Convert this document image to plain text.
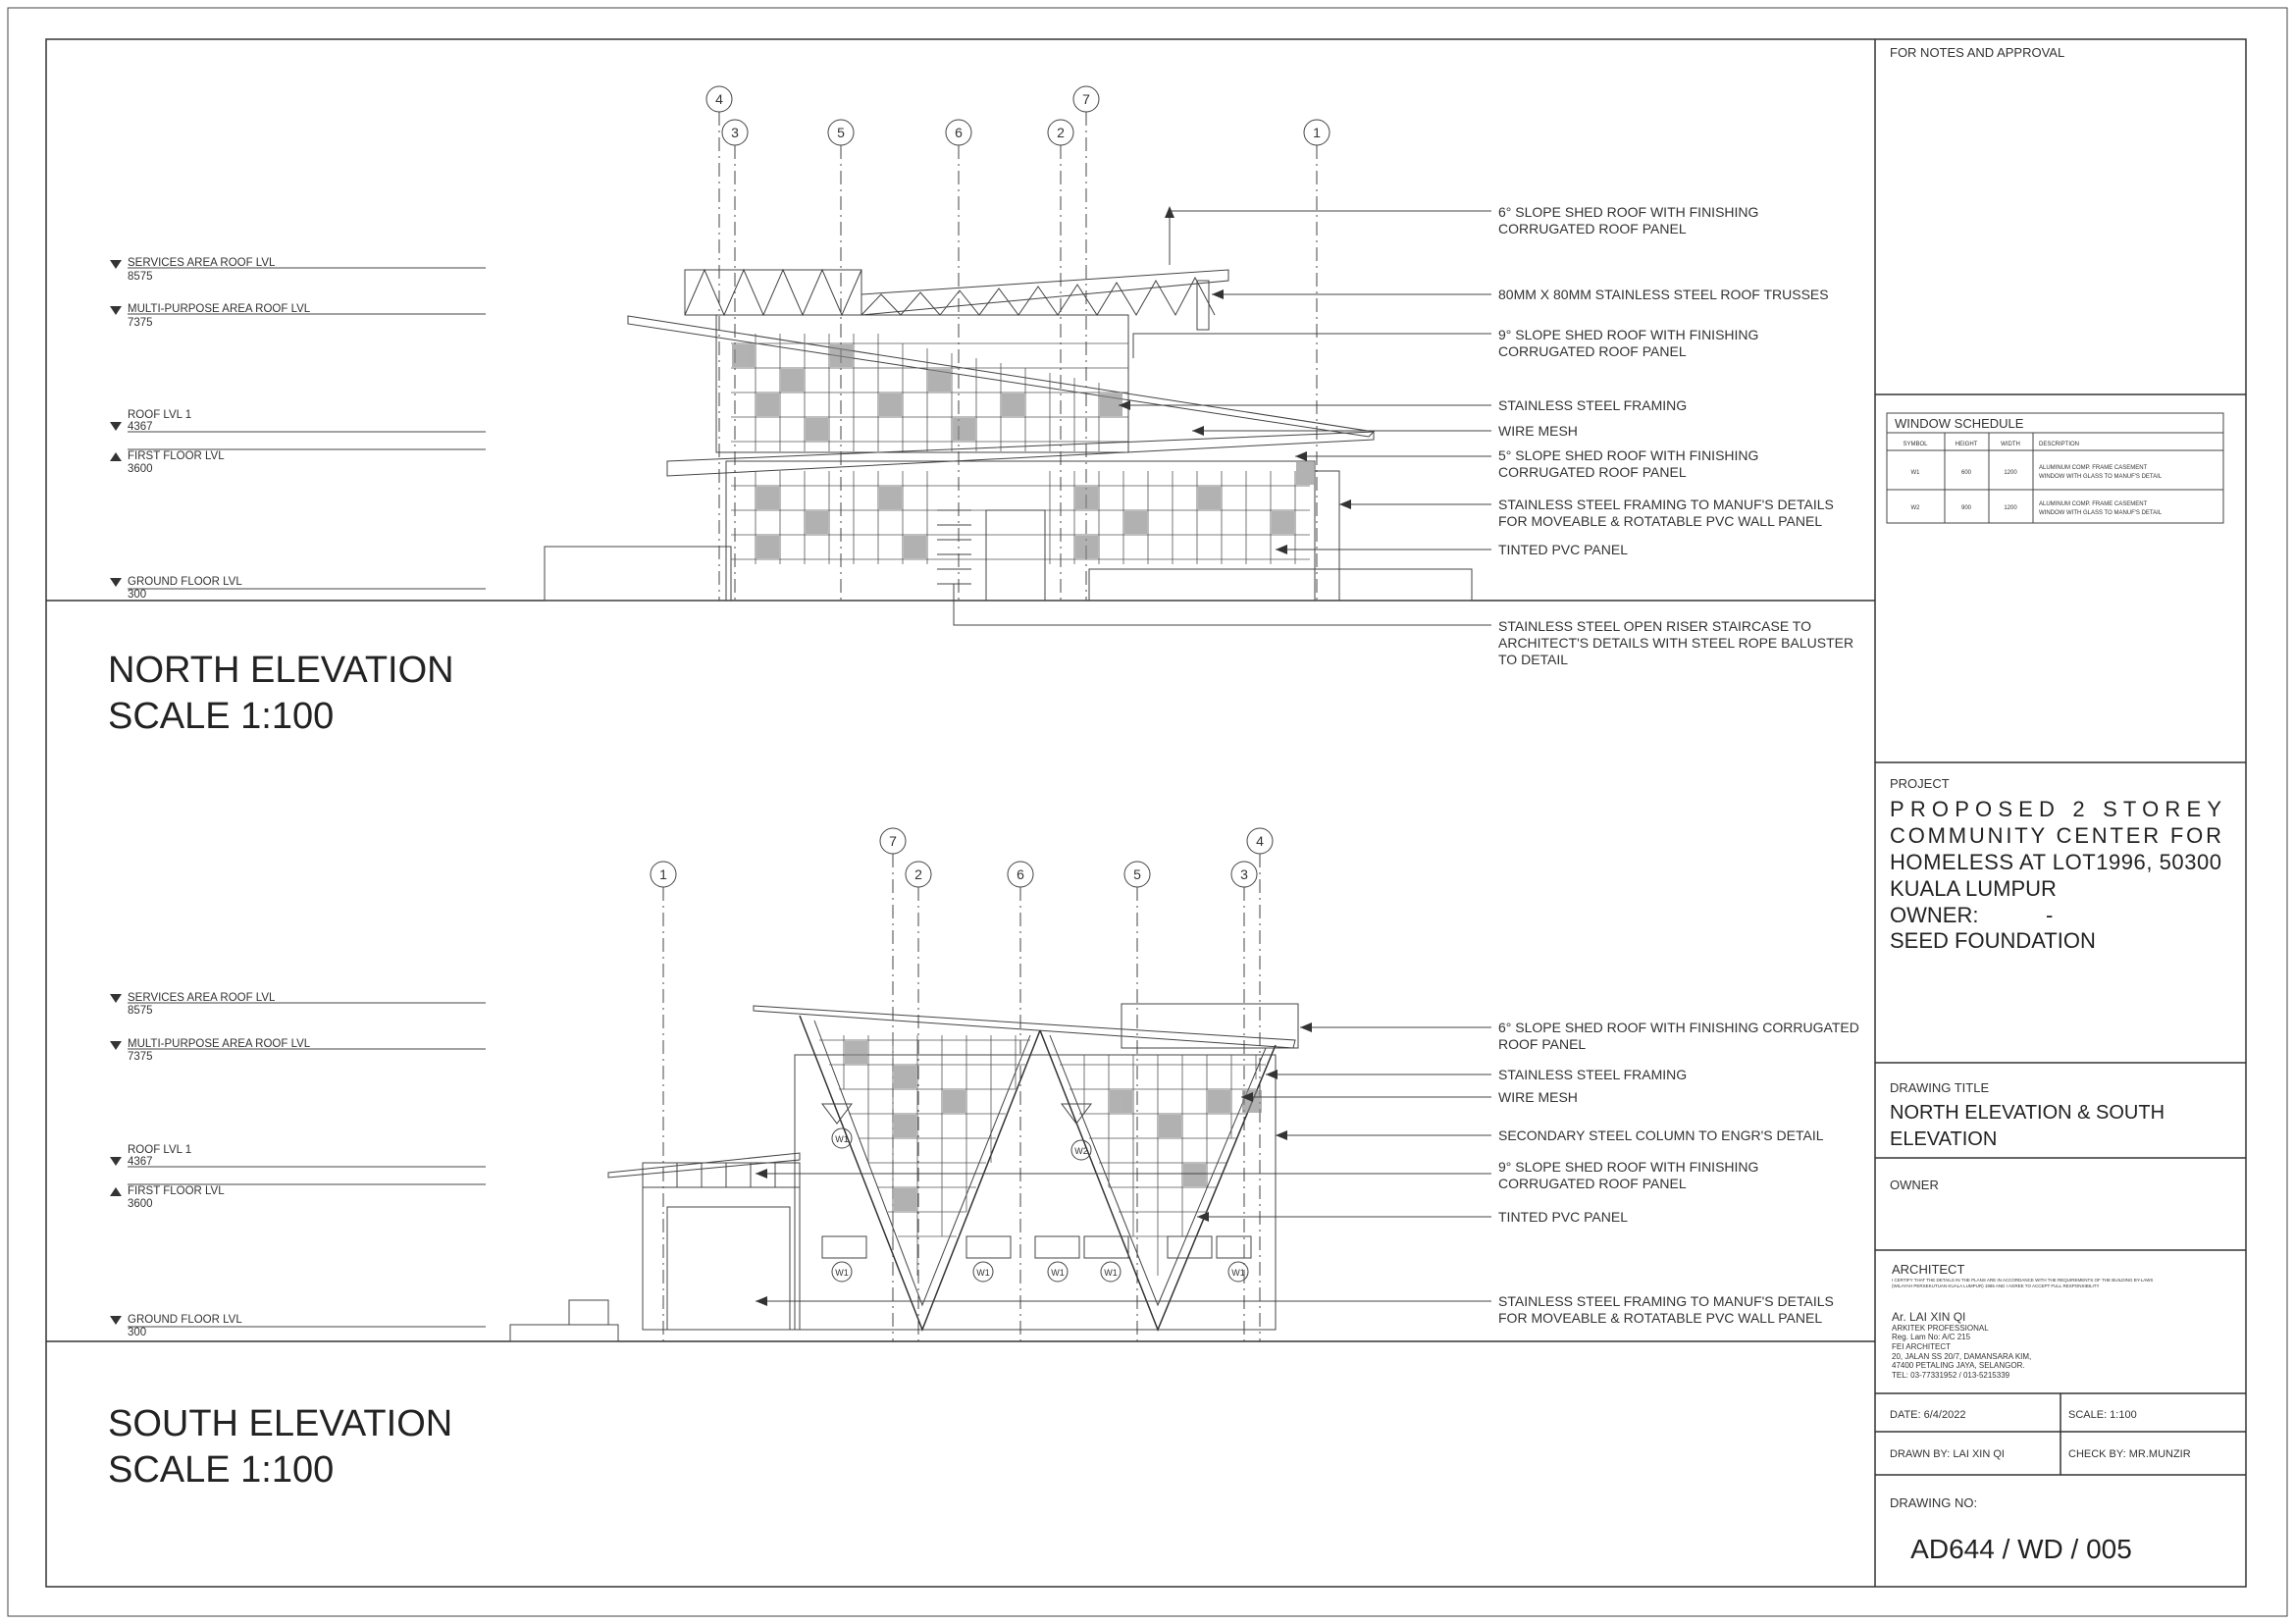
NORTH ELEVATION
SCALE 1:100
SOUTH ELEVATION
SCALE 1:100
SERVICES AREA ROOF LVL
8575
MULTI-PURPOSE AREA ROOF LVL
7375
ROOF LVL 1
4367
FIRST FLOOR LVL
3600
GROUND FLOOR LVL
300
SERVICES AREA ROOF LVL
8575
MULTI-PURPOSE AREA ROOF LVL
7375
ROOF LVL 1
4367
FIRST FLOOR LVL
3600
GROUND FLOOR LVL
300
4
3	5	6	2
7
1
6° SLOPE SHED ROOF WITH FINISHING
CORRUGATED ROOF PANEL
80MM X 80MM STAINLESS STEEL ROOF TRUSSES
9° SLOPE SHED ROOF WITH FINISHING
CORRUGATED ROOF PANEL
STAINLESS STEEL FRAMING
WIRE MESH
5° SLOPE SHED ROOF WITH FINISHING
CORRUGATED ROOF PANEL
STAINLESS STEEL FRAMING TO MANUF'S DETAILS
FOR MOVEABLE & ROTATABLE PVC WALL PANEL
TINTED PVC PANEL
STAINLESS STEEL OPEN RISER STAIRCASE TO
ARCHITECT'S DETAILS WITH STEEL ROPE BALUSTER
TO DETAIL
1
7
2	6	5
4
3
W1
W2
W1	W1	W1	W1	W1
6° SLOPE SHED ROOF WITH FINISHING CORRUGATED
ROOF PANEL
STAINLESS STEEL FRAMING
WIRE MESH
SECONDARY STEEL COLUMN TO ENGR'S DETAIL
9° SLOPE SHED ROOF WITH FINISHING
CORRUGATED ROOF PANEL
TINTED PVC PANEL
STAINLESS STEEL FRAMING TO MANUF'S DETAILS
FOR MOVEABLE & ROTATABLE PVC WALL PANEL
FOR NOTES AND APPROVAL
WINDOW SCHEDULE
SYMBOL	HEIGHT	WIDTH	DESCRIPTION
W1	600	1200
ALUMINUM COMP. FRAME CASEMENT
WINDOW WITH GLASS TO MANUF'S DETAIL
W2	900	1200
ALUMINUM COMP. FRAME CASEMENT
WINDOW WITH GLASS TO MANUF'S DETAIL
PROJECT
PROPOSED 2 STOREY
COMMUNITY CENTER FOR
HOMELESS AT LOT1996, 50300
KUALA LUMPUR
OWNER:	-
SEED FOUNDATION
DRAWING TITLE
NORTH ELEVATION & SOUTH
ELEVATION
OWNER
ARCHITECT
I CERTIFY THAT THE DETAILS IN THE PLANS ARE IN ACCORDANCE WITH THE REQUIREMENTS OF THE BUILDING BY-LAWS
(WILAYAH PERSEKUTUAN KUALA LUMPUR) 1985 AND I AGREE TO ACCEPT FULL RESPONSIBILITY
Ar. LAI XIN QI
ARKITEK PROFESSIONAL
Reg. Lam No: A/C 215
FEI ARCHITECT
20, JALAN SS 20/7, DAMANSARA KIM,
47400 PETALING JAYA, SELANGOR.
TEL: 03-77331952 / 013-5215339
DATE: 6/4/2022	SCALE: 1:100
DRAWN BY: LAI XIN QI	CHECK BY: MR.MUNZIR
DRAWING NO:
AD644 / WD / 005
